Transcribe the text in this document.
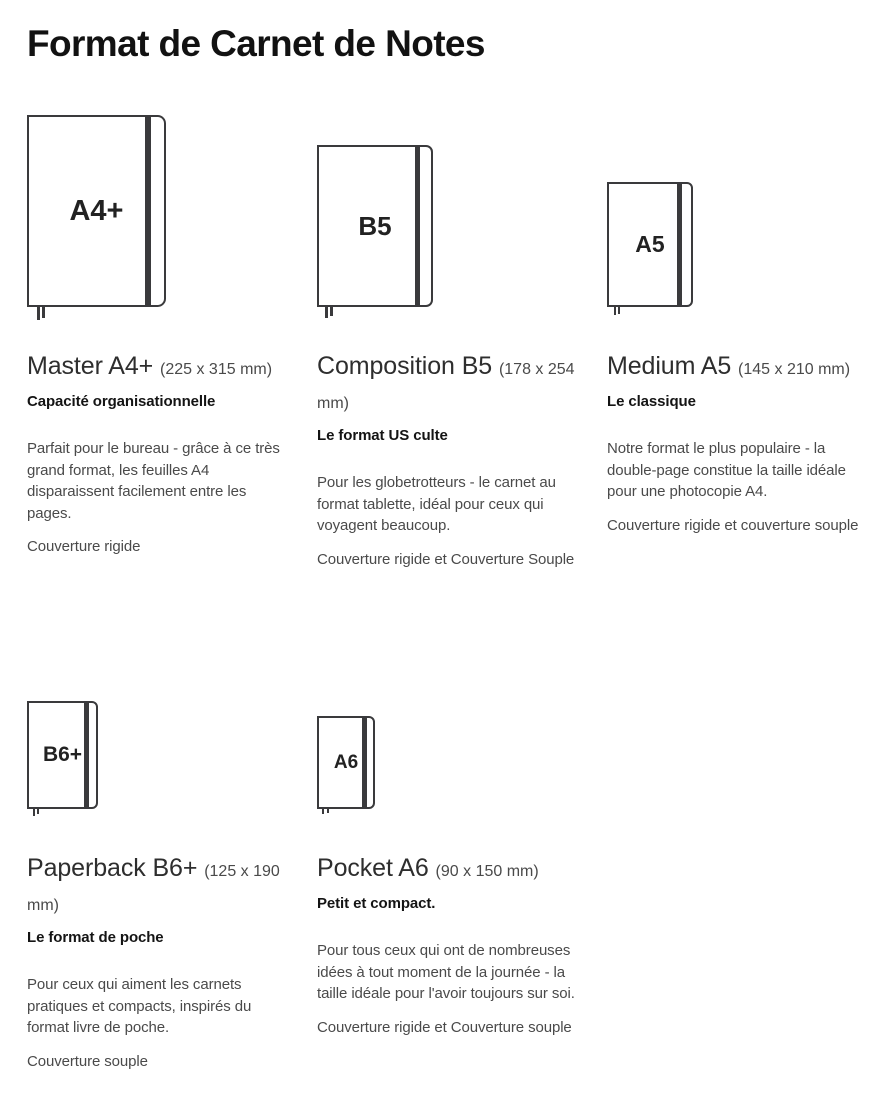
Format de Carnet de Notes
A4+
Master A4+ (225 x 315 mm)
Capacité organisationnelle

Parfait pour le bureau - grâce à ce très grand format, les feuilles A4 disparaissent facilement entre les pages.

Couverture rigide

B5
Composition B5 (178 x 254 mm)
Le format US culte

Pour les globetrotteurs - le carnet au format tablette, idéal pour ceux qui voyagent beaucoup.

Couverture rigide et Couverture Souple

A5
Medium A5 (145 x 210 mm)
Le classique

Notre format le plus populaire - la double-page constitue la taille idéale pour une photocopie A4.

Couverture rigide et couverture souple

B6+
Paperback B6+ (125 x 190 mm)
Le format de poche

Pour ceux qui aiment les carnets pratiques et compacts, inspirés du format livre de poche.

Couverture souple

A6
Pocket A6 (90 x 150 mm)
Petit et compact.

Pour tous ceux qui ont de nombreuses idées à tout moment de la journée - la taille idéale pour l'avoir toujours sur soi.

Couverture rigide et Couverture souple
